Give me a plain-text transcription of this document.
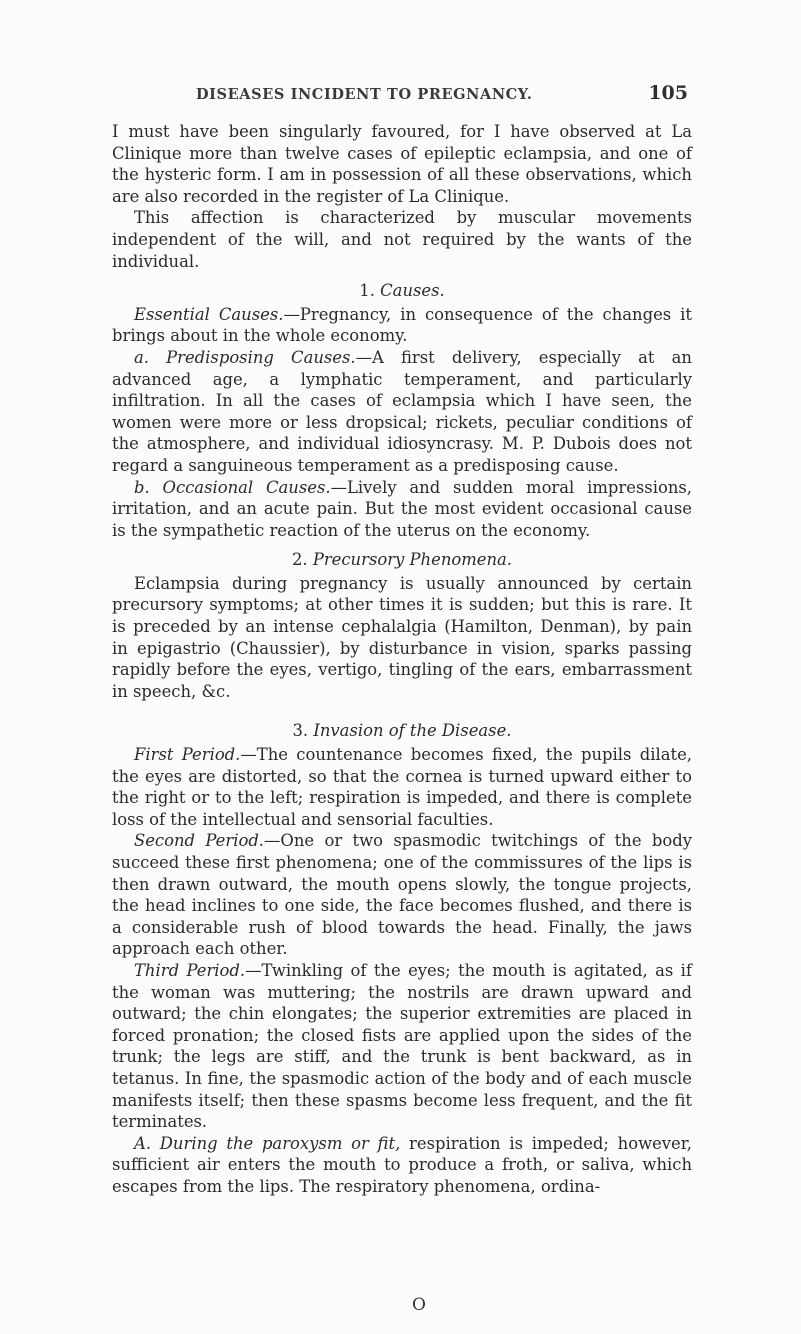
DISEASES INCIDENT TO PREGNANCY.	105

I must have been singularly favoured, for I have observed at La Clinique more than twelve cases of epileptic eclampsia, and one of the hysteric form. I am in possession of all these observations, which are also recorded in the register of La Clinique.

This affection is characterized by muscular movements independent of the will, and not required by the wants of the individual.

1. Causes.

Essential Causes.—Pregnancy, in consequence of the changes it brings about in the whole economy.

a. Predisposing Causes.—A first delivery, especially at an advanced age, a lymphatic temperament, and particularly infiltration. In all the cases of eclampsia which I have seen, the women were more or less dropsical; rickets, peculiar conditions of the atmosphere, and individual idiosyncrasy. M. P. Dubois does not regard a sanguineous temperament as a predisposing cause.

b. Occasional Causes.—Lively and sudden moral impressions, irritation, and an acute pain. But the most evident occasional cause is the sympathetic reaction of the uterus on the economy.

2. Precursory Phenomena.

Eclampsia during pregnancy is usually announced by certain precursory symptoms; at other times it is sudden; but this is rare. It is preceded by an intense cephalalgia (Hamilton, Denman), by pain in epigastrio (Chaussier), by disturbance in vision, sparks passing rapidly before the eyes, vertigo, tingling of the ears, embarrassment in speech, &c.

3. Invasion of the Disease.

First Period.—The countenance becomes fixed, the pupils dilate, the eyes are distorted, so that the cornea is turned upward either to the right or to the left; respiration is impeded, and there is complete loss of the intellectual and sensorial faculties.

Second Period.—One or two spasmodic twitchings of the body succeed these first phenomena; one of the commissures of the lips is then drawn outward, the mouth opens slowly, the tongue projects, the head inclines to one side, the face becomes flushed, and there is a considerable rush of blood towards the head. Finally, the jaws approach each other.

Third Period.—Twinkling of the eyes; the mouth is agitated, as if the woman was muttering; the nostrils are drawn upward and outward; the chin elongates; the superior extremities are placed in forced pronation; the closed fists are applied upon the sides of the trunk; the legs are stiff, and the trunk is bent backward, as in tetanus. In fine, the spasmodic action of the body and of each muscle manifests itself; then these spasms become less frequent, and the fit terminates.

A. During the paroxysm or fit, respiration is impeded; however, sufficient air enters the mouth to produce a froth, or saliva, which escapes from the lips. The respiratory phenomena, ordina-

O
